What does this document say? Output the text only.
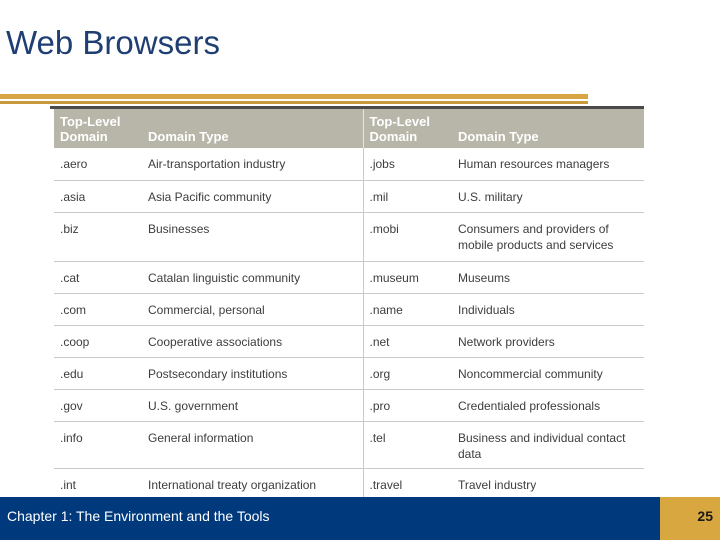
Web Browsers
Top-Level Domain	Domain Type	Top-Level Domain	Domain Type
.aero	Air-transportation industry	.jobs	Human resources managers
.asia	Asia Pacific community	.mil	U.S. military
.biz	Businesses	.mobi	Consumers and providers of mobile products and services
.cat	Catalan linguistic community	.museum	Museums
.com	Commercial, personal	.name	Individuals
.coop	Cooperative associations	.net	Network providers
.edu	Postsecondary institutions	.org	Noncommercial community
.gov	U.S. government	.pro	Credentialed professionals
.info	General information	.tel	Business and individual contact data
.int	International treaty organization	.travel	Travel industry
Chapter 1: The Environment and the Tools	25
